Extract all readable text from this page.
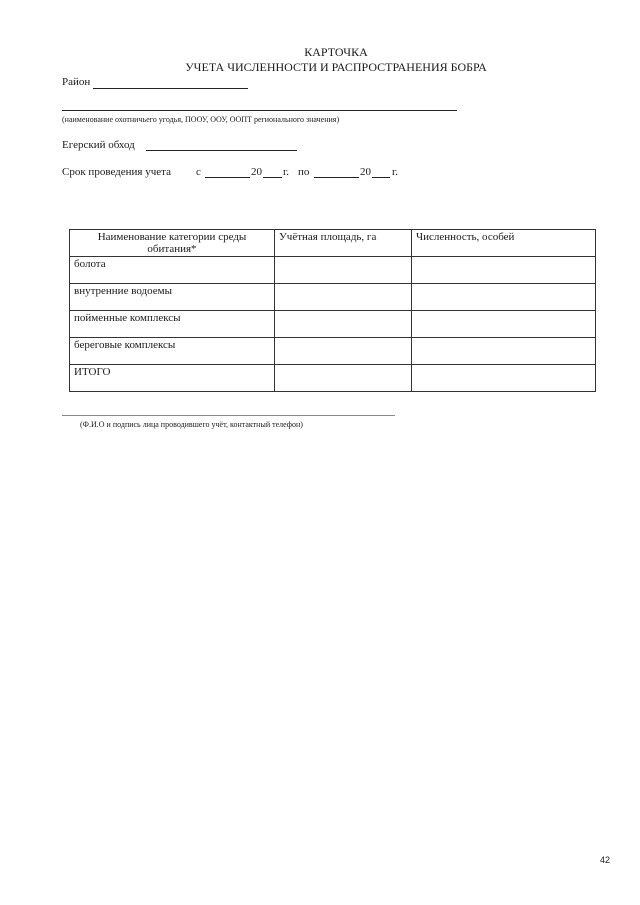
КАРТОЧКА
УЧЕТА ЧИСЛЕННОСТИ И РАСПРОСТРАНЕНИЯ БОБРА
Район
(наименование охотничьего угодья, ПООУ, ООУ, ООПТ регионального значения)
Егерский обход
Срок проведения учета с	20 г. по	20 г.
Наименование категории среды обитания*	Учётная площадь, га	Численность, особей
болота		
внутренние водоемы		
пойменные комплексы		
береговые комплексы		
ИТОГО		
(Ф.И.О и подпись лица проводившего учёт, контактный телефон)
42
